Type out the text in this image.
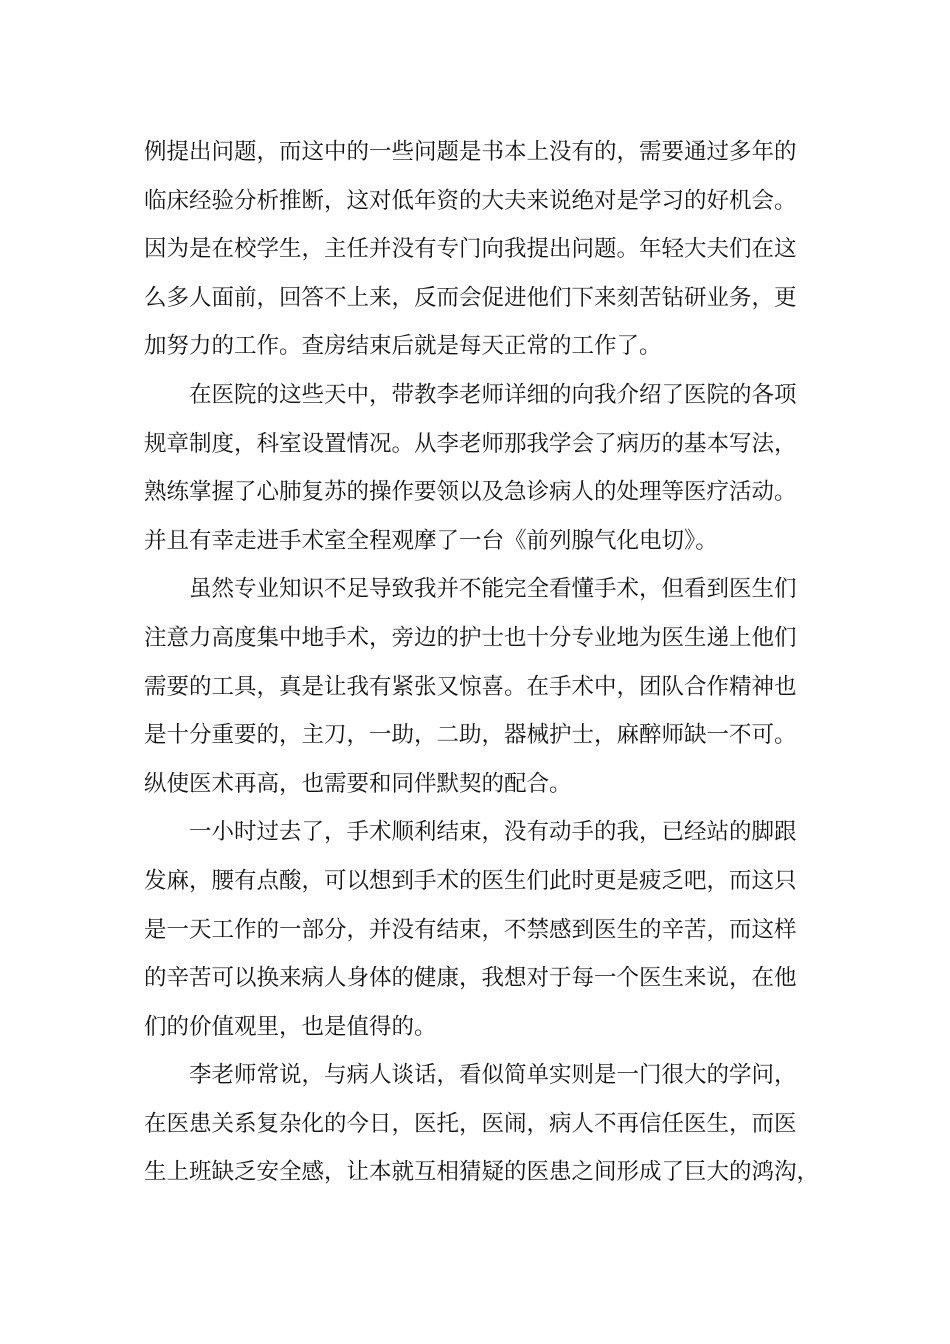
例提出问题，而这中的一些问题是书本上没有的，需要通过多年的
临床经验分析推断，这对低年资的大夫来说绝对是学习的好机会。
因为是在校学生，主任并没有专门向我提出问题。年轻大夫们在这
么多人面前，回答不上来，反而会促进他们下来刻苦钻研业务，更
加努力的工作。查房结束后就是每天正常的工作了。
在医院的这些天中，带教李老师详细的向我介绍了医院的各项
规章制度，科室设置情况。从李老师那我学会了病历的基本写法，
熟练掌握了心肺复苏的操作要领以及急诊病人的处理等医疗活动。
并且有幸走进手术室全程观摩了一台《前列腺气化电切》。
虽然专业知识不足导致我并不能完全看懂手术，但看到医生们
注意力高度集中地手术，旁边的护士也十分专业地为医生递上他们
需要的工具，真是让我有紧张又惊喜。在手术中，团队合作精神也
是十分重要的，主刀，一助，二助，器械护士，麻醉师缺一不可。
纵使医术再高，也需要和同伴默契的配合。
一小时过去了，手术顺利结束，没有动手的我，已经站的脚跟
发麻，腰有点酸，可以想到手术的医生们此时更是疲乏吧，而这只
是一天工作的一部分，并没有结束，不禁感到医生的辛苦，而这样
的辛苦可以换来病人身体的健康，我想对于每一个医生来说，在他
们的价值观里，也是值得的。
李老师常说，与病人谈话，看似简单实则是一门很大的学问，
在医患关系复杂化的今日，医托，医闹，病人不再信任医生，而医
生上班缺乏安全感，让本就互相猜疑的医患之间形成了巨大的鸿沟，
